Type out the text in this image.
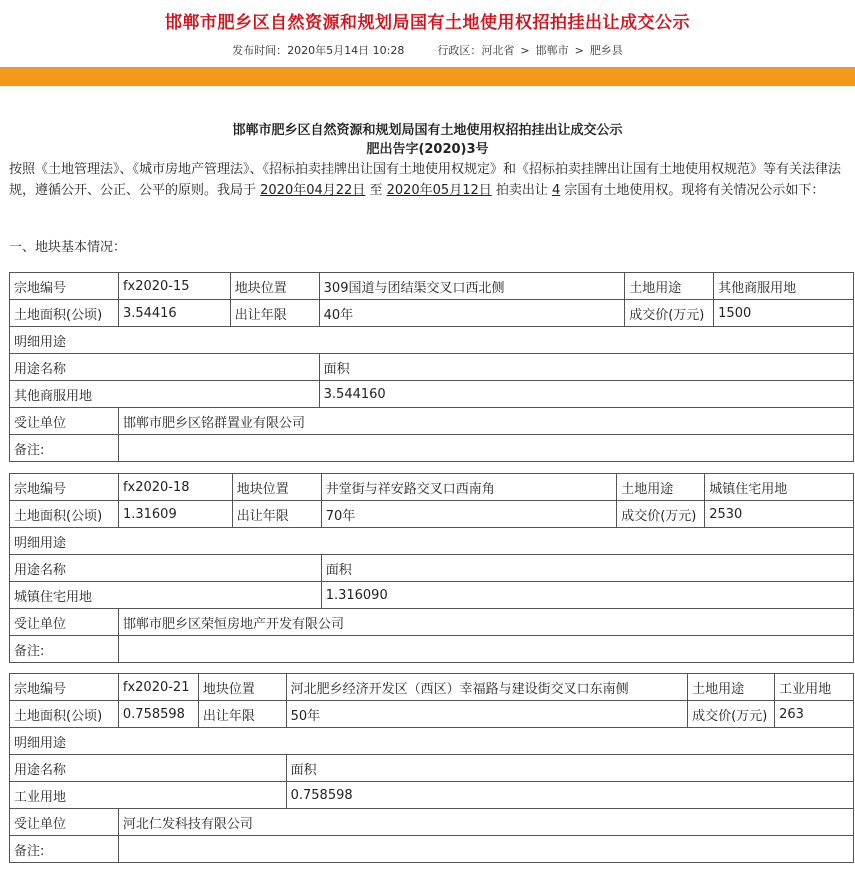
邯郸市肥乡区自然资源和规划局国有土地使用权招拍挂出让成交公示
发布时间：2020年5月14日 10:28	行政区：河北省 > 邯郸市 > 肥乡县
邯郸市肥乡区自然资源和规划局国有土地使用权招拍挂出让成交公示
肥出告字(2020)3号
按照《土地管理法》、《城市房地产管理法》、《招标拍卖挂牌出让国有土地使用权规定》和《招标拍卖挂牌出让国有土地使用权规范》等有关法律法规，遵循公开、公正、公平的原则。我局于 2020年04月22日 至 2020年05月12日 拍卖出让 4 宗国有土地使用权。现将有关情况公示如下：
一、地块基本情况：
宗地编号	fx2020-15	地块位置	309国道与团结渠交叉口西北侧	土地用途	其他商服用地
土地面积(公顷)	3.54416	出让年限	40年	成交价(万元)	1500
明细用途					
用途名称			面积		
其他商服用地			3.544160		
受让单位	邯郸市肥乡区铭群置业有限公司				
备注:					
宗地编号	fx2020-18	地块位置	井堂街与祥安路交叉口西南角	土地用途	城镇住宅用地
土地面积(公顷)	1.31609	出让年限	70年	成交价(万元)	2530
明细用途					
用途名称			面积		
城镇住宅用地			1.316090		
受让单位	邯郸市肥乡区荣恒房地产开发有限公司				
备注:					
宗地编号	fx2020-21	地块位置	河北肥乡经济开发区（西区）幸福路与建设街交叉口东南侧	土地用途	工业用地
土地面积(公顷)	0.758598	出让年限	50年	成交价(万元)	263
明细用途					
用途名称			面积		
工业用地			0.758598		
受让单位	河北仁发科技有限公司				
备注:					
